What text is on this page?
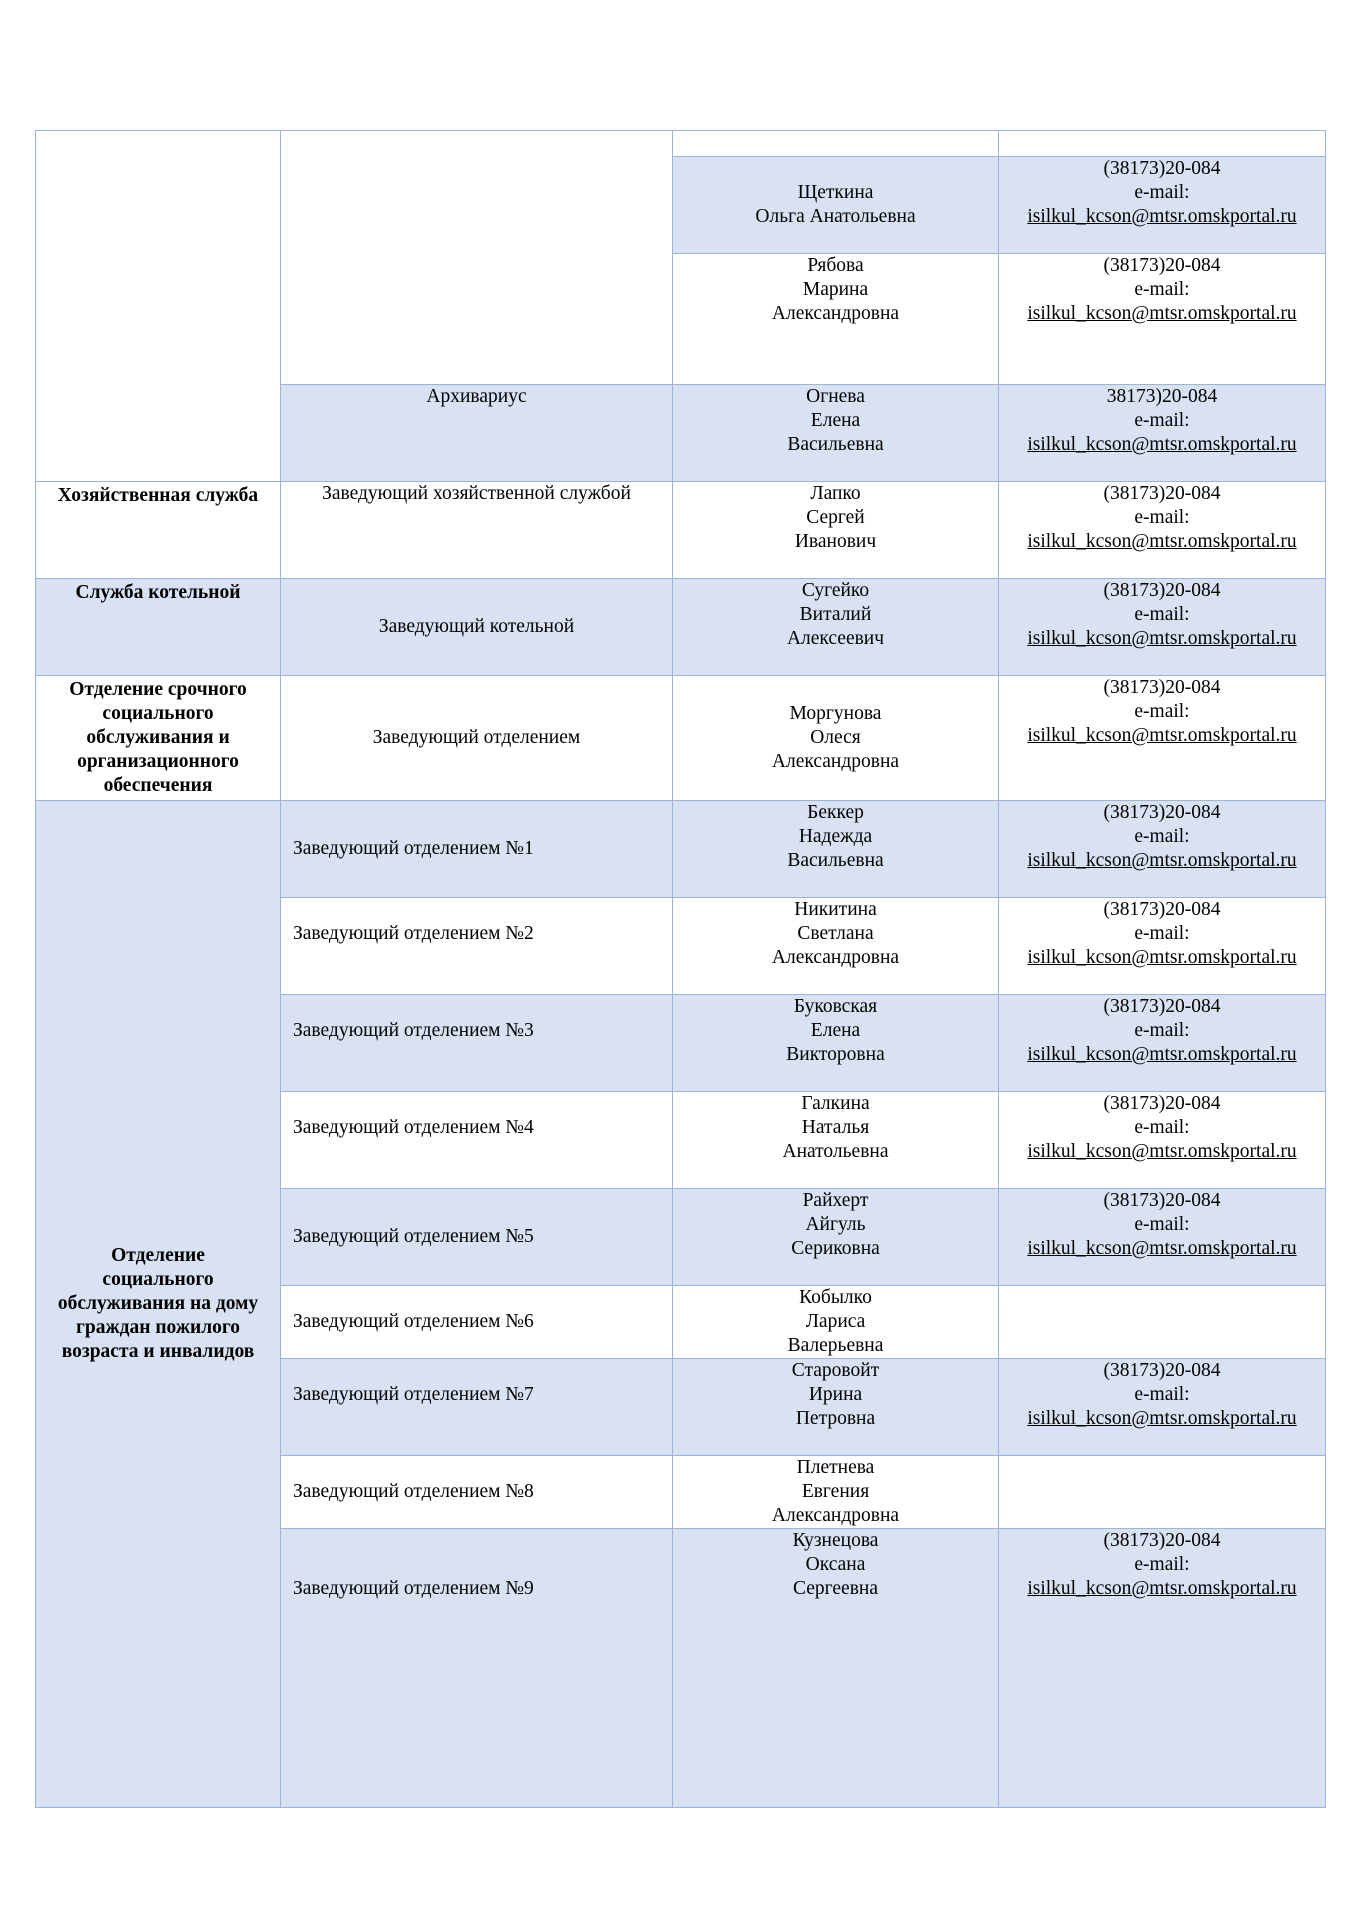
		Щеткина
Ольга Анатольевна	(38173)20-084
e-mail:
isilkul_kcson@mtsr.omskportal.ru

		Рябова
Марина
Александровна	(38173)20-084
e-mail:
isilkul_kcson@mtsr.omskportal.ru

	Архивариус	Огнева
Елена
Васильевна	38173)20-084
e-mail:
isilkul_kcson@mtsr.omskportal.ru

Хозяйственная служба	Заведующий хозяйственной службой	Лапко
Сергей
Иванович	(38173)20-084
e-mail:
isilkul_kcson@mtsr.omskportal.ru

Служба котельной	Заведующий котельной	Сугейко
Виталий
Алексеевич	(38173)20-084
e-mail:
isilkul_kcson@mtsr.omskportal.ru

Отделение срочного
социального
обслуживания и
организационного
обеспечения	Заведующий отделением	Моргунова
Олеся
Александровна	(38173)20-084
e-mail:
isilkul_kcson@mtsr.omskportal.ru

Отделение
социального
обслуживания на дому
граждан пожилого
возраста и инвалидов	Заведующий отделением №1	Беккер
Надежда
Васильевна	(38173)20-084
e-mail:
isilkul_kcson@mtsr.omskportal.ru

	Заведующий отделением №2	Никитина
Светлана
Александровна	(38173)20-084
e-mail:
isilkul_kcson@mtsr.omskportal.ru

	Заведующий отделением №3	Буковская
Елена
Викторовна	(38173)20-084
e-mail:
isilkul_kcson@mtsr.omskportal.ru

	Заведующий отделением №4	Галкина
Наталья
Анатольевна	(38173)20-084
e-mail:
isilkul_kcson@mtsr.omskportal.ru

	Заведующий отделением №5	Райхерт
Айгуль
Сериковна	(38173)20-084
e-mail:
isilkul_kcson@mtsr.omskportal.ru

	Заведующий отделением №6	Кобылко
Лариса
Валерьевна	

	Заведующий отделением №7	Старовойт
Ирина
Петровна	(38173)20-084
e-mail:
isilkul_kcson@mtsr.omskportal.ru

	Заведующий отделением №8	Плетнева
Евгения
Александровна	

	Заведующий отделением №9	Кузнецова
Оксана
Сергеевна	(38173)20-084
e-mail:
isilkul_kcson@mtsr.omskportal.ru
